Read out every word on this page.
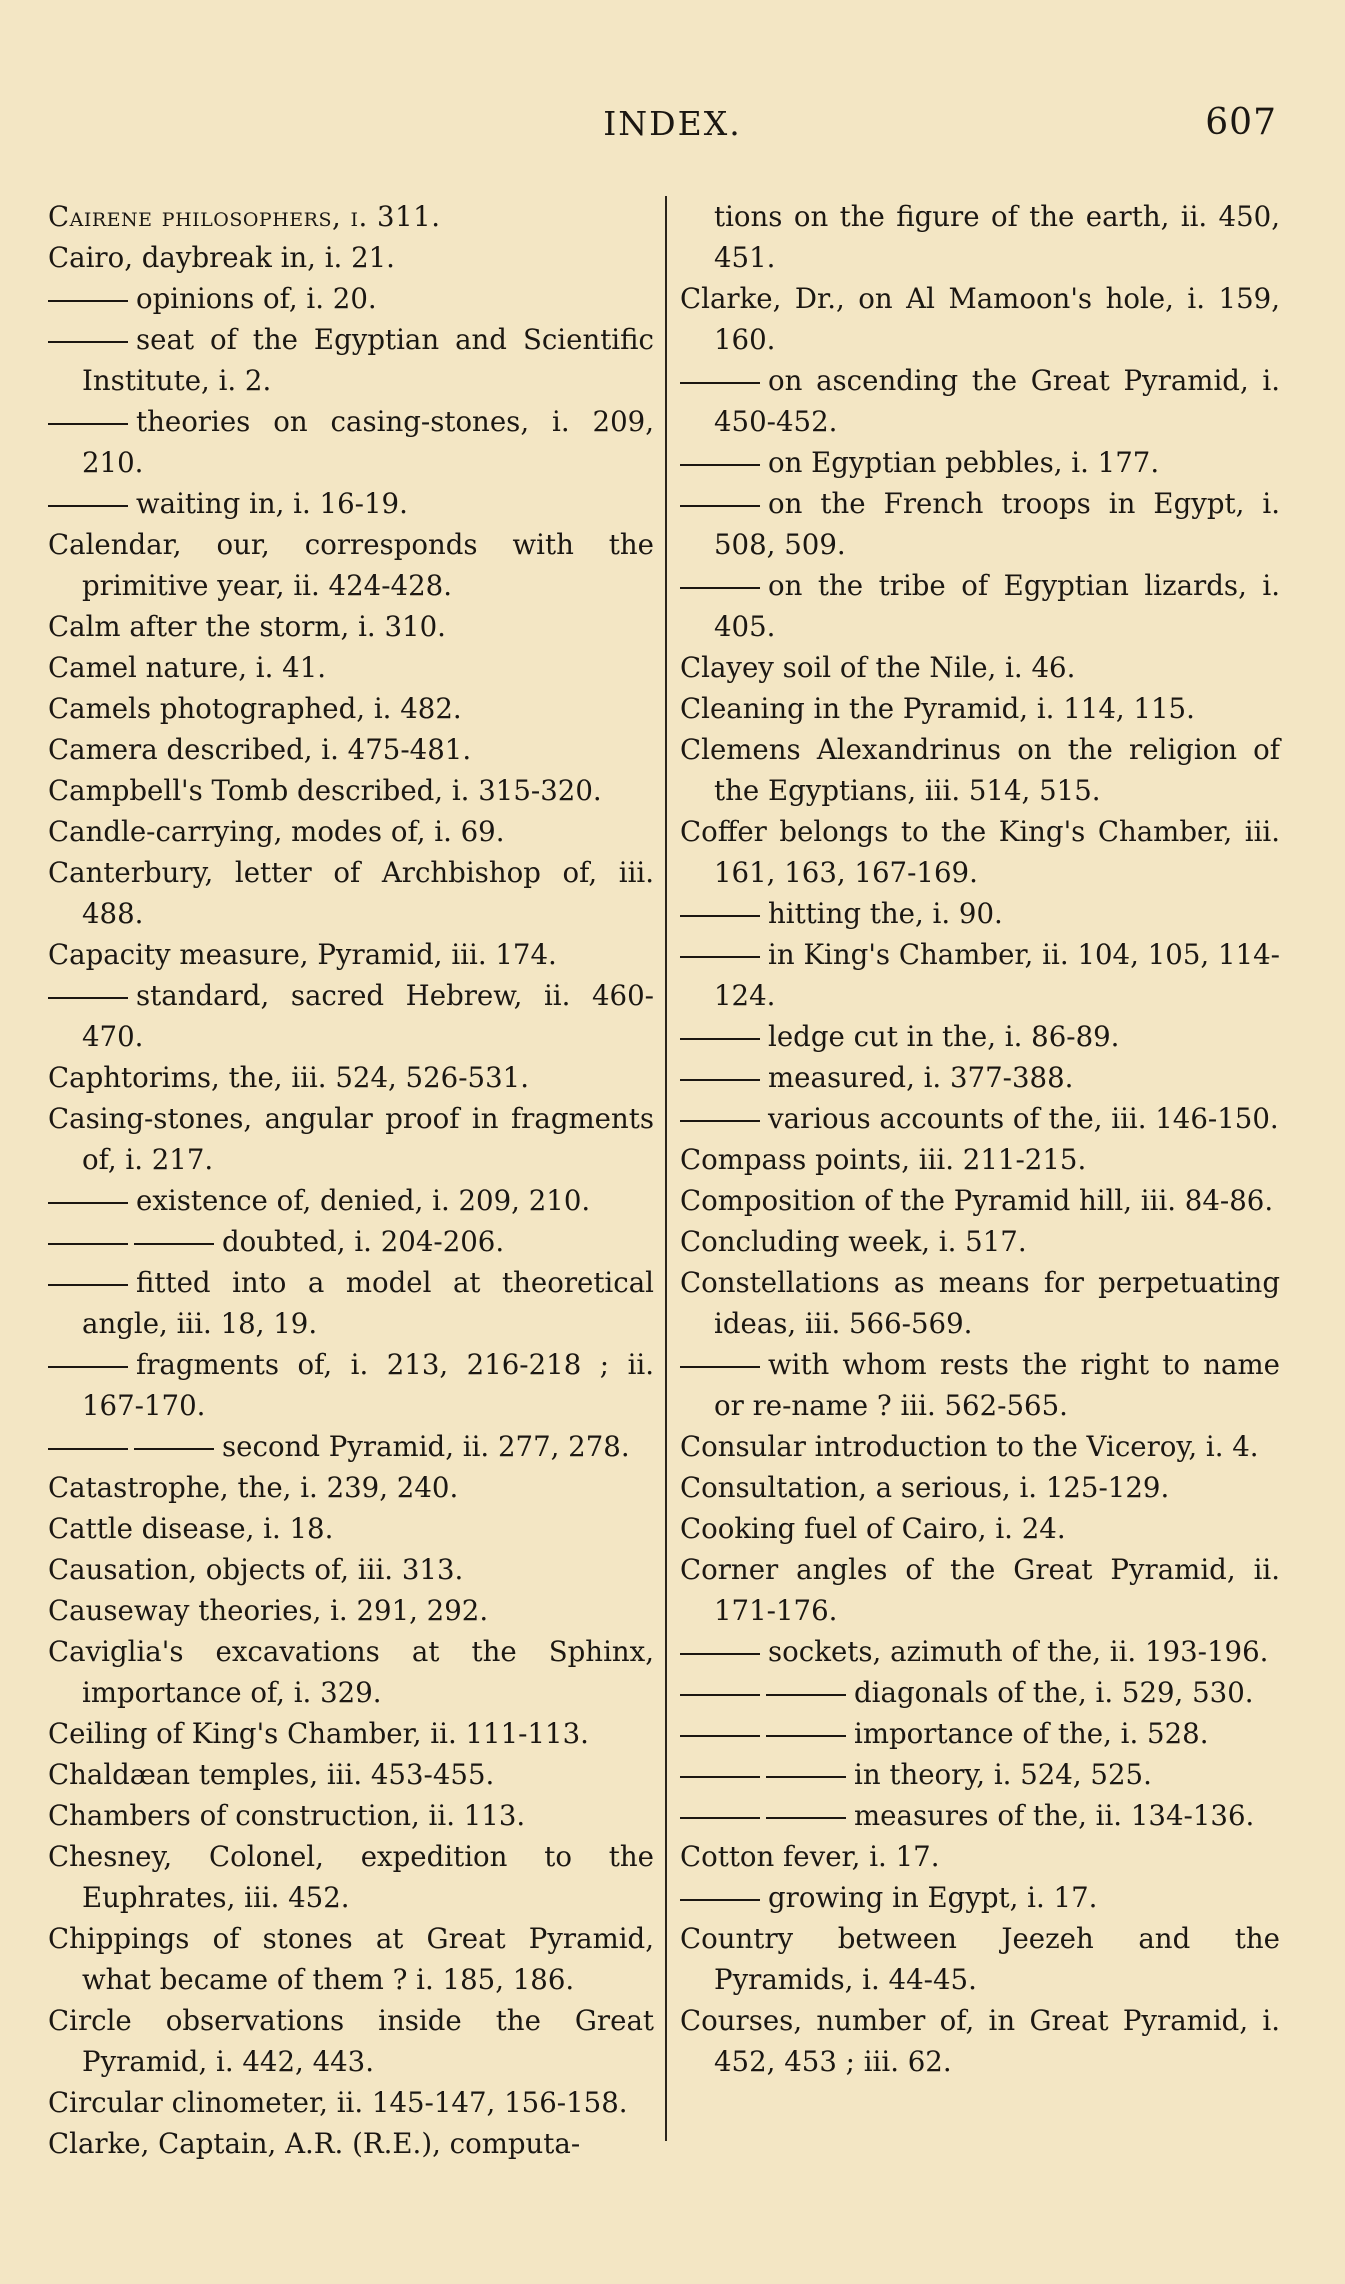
INDEX.	607
Cairene philosophers, i. 311.
Cairo, daybreak in, i. 21.
opinions of, i. 20.
seat of the Egyptian and Scientific Institute, i. 2.
theories on casing-stones, i. 209, 210.
waiting in, i. 16-19.
Calendar, our, corresponds with the primitive year, ii. 424-428.
Calm after the storm, i. 310.
Camel nature, i. 41.
Camels photographed, i. 482.
Camera described, i. 475-481.
Campbell's Tomb described, i. 315-320.
Candle-carrying, modes of, i. 69.
Canterbury, letter of Archbishop of, iii. 488.
Capacity measure, Pyramid, iii. 174.
standard, sacred Hebrew, ii. 460-470.
Caphtorims, the, iii. 524, 526-531.
Casing-stones, angular proof in fragments of, i. 217.
existence of, denied, i. 209, 210.
doubted, i. 204-206.
fitted into a model at theoretical angle, iii. 18, 19.
fragments of, i. 213, 216-218 ; ii. 167-170.
second Pyramid, ii. 277, 278.
Catastrophe, the, i. 239, 240.
Cattle disease, i. 18.
Causation, objects of, iii. 313.
Causeway theories, i. 291, 292.
Caviglia's excavations at the Sphinx, importance of, i. 329.
Ceiling of King's Chamber, ii. 111-113.
Chaldæan temples, iii. 453-455.
Chambers of construction, ii. 113.
Chesney, Colonel, expedition to the Euphrates, iii. 452.
Chippings of stones at Great Pyramid, what became of them ? i. 185, 186.
Circle observations inside the Great Pyramid, i. 442, 443.
Circular clinometer, ii. 145-147, 156-158.
Clarke, Captain, A.R. (R.E.), computa-
tions on the figure of the earth, ii. 450, 451.
Clarke, Dr., on Al Mamoon's hole, i. 159, 160.
on ascending the Great Pyramid, i. 450-452.
on Egyptian pebbles, i. 177.
on the French troops in Egypt, i. 508, 509.
on the tribe of Egyptian lizards, i. 405.
Clayey soil of the Nile, i. 46.
Cleaning in the Pyramid, i. 114, 115.
Clemens Alexandrinus on the religion of the Egyptians, iii. 514, 515.
Coffer belongs to the King's Chamber, iii. 161, 163, 167-169.
hitting the, i. 90.
in King's Chamber, ii. 104, 105, 114-124.
ledge cut in the, i. 86-89.
measured, i. 377-388.
various accounts of the, iii. 146-150.
Compass points, iii. 211-215.
Composition of the Pyramid hill, iii. 84-86.
Concluding week, i. 517.
Constellations as means for perpetuating ideas, iii. 566-569.
with whom rests the right to name or re-name ? iii. 562-565.
Consular introduction to the Viceroy, i. 4.
Consultation, a serious, i. 125-129.
Cooking fuel of Cairo, i. 24.
Corner angles of the Great Pyramid, ii. 171-176.
sockets, azimuth of the, ii. 193-196.
diagonals of the, i. 529, 530.
importance of the, i. 528.
in theory, i. 524, 525.
measures of the, ii. 134-136.
Cotton fever, i. 17.
growing in Egypt, i. 17.
Country between Jeezeh and the Pyramids, i. 44-45.
Courses, number of, in Great Pyramid, i. 452, 453 ; iii. 62.
